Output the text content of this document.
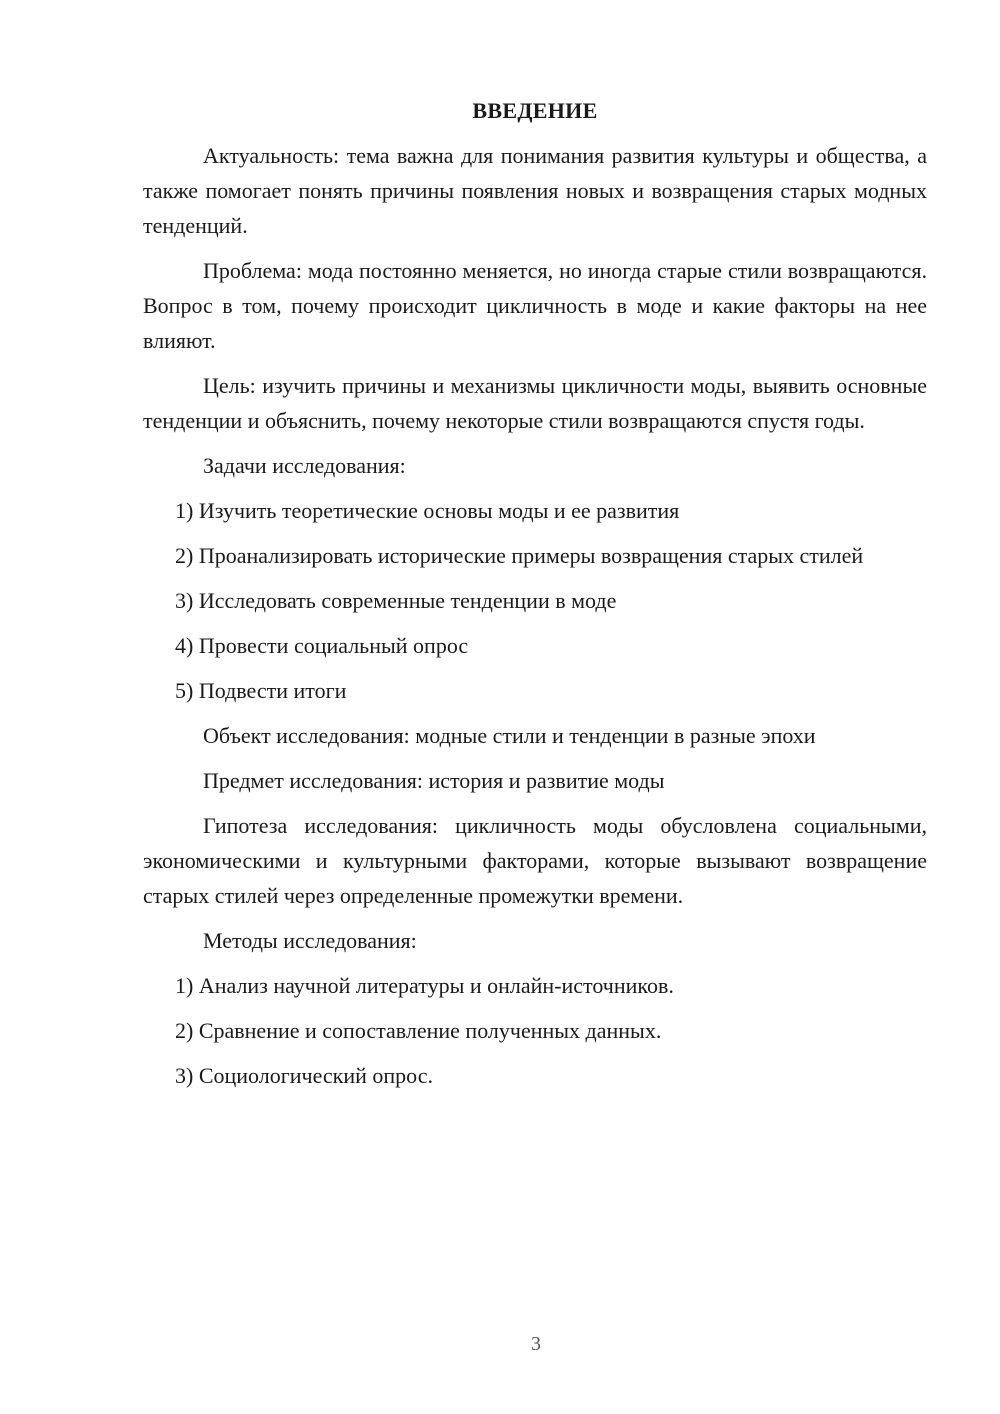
ВВЕДЕНИЕ

Актуальность: тема важна для понимания развития культуры и общества, а также помогает понять причины появления новых и возвращения старых модных тенденций.

Проблема: мода постоянно меняется, но иногда старые стили возвращаются. Вопрос в том, почему происходит цикличность в моде и какие факторы на нее влияют.

Цель: изучить причины и механизмы цикличности моды, выявить основные тенденции и объяснить, почему некоторые стили возвращаются спустя годы.

Задачи исследования:

1) Изучить теоретические основы моды и ее развития

2) Проанализировать исторические примеры возвращения старых стилей

3) Исследовать современные тенденции в моде

4) Провести социальный опрос

5) Подвести итоги

Объект исследования: модные стили и тенденции в разные эпохи

Предмет исследования: история и развитие моды

Гипотеза исследования: цикличность моды обусловлена социальными, экономическими и культурными факторами, которые вызывают возвращение старых стилей через определенные промежутки времени.

Методы исследования:

1) Анализ научной литературы и онлайн-источников.

2) Сравнение и сопоставление полученных данных.

3) Социологический опрос.

3
